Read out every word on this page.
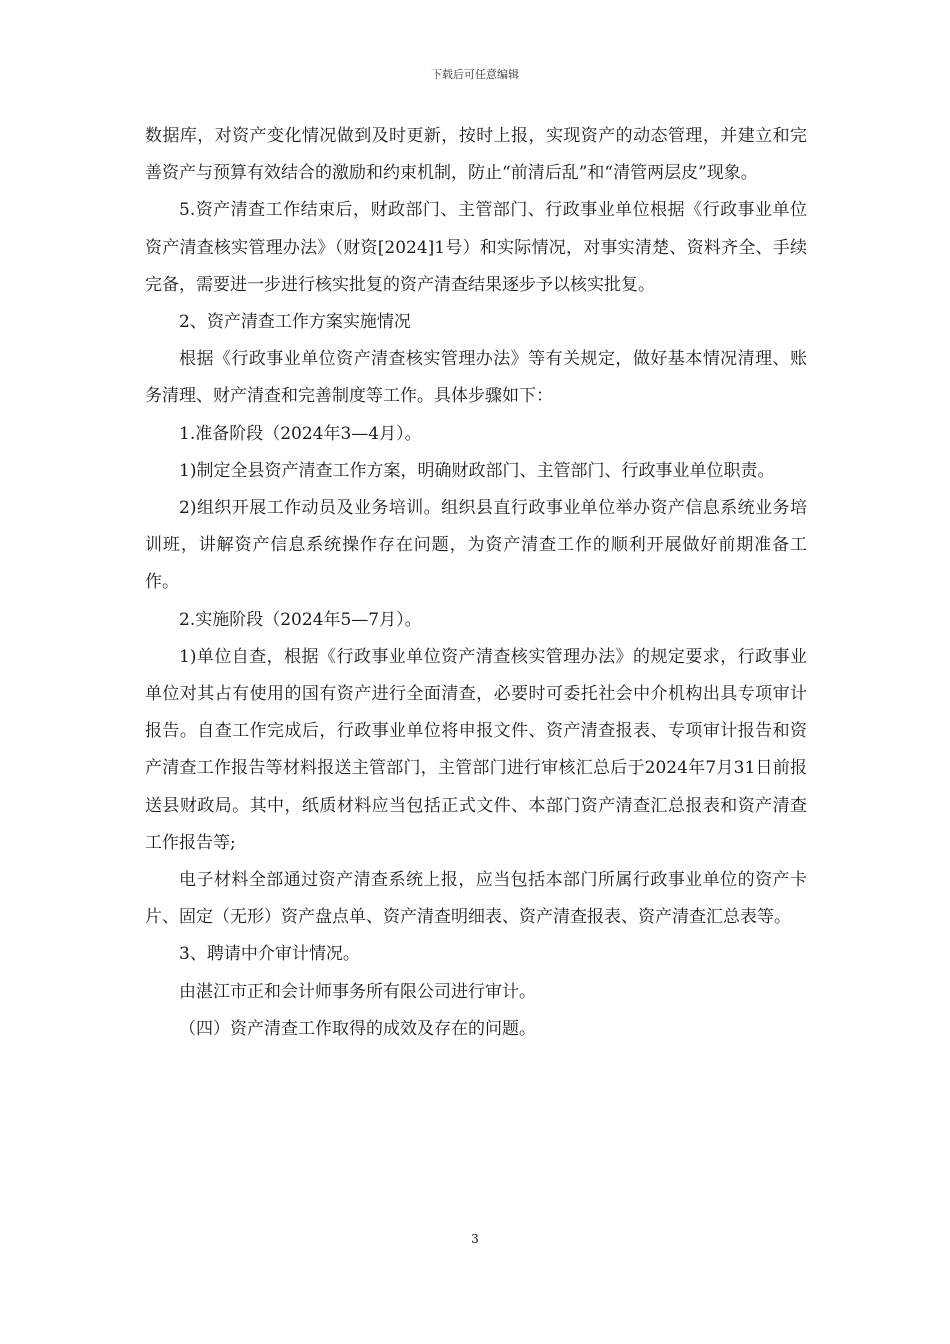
下载后可任意编辑

数据库，对资产变化情况做到及时更新，按时上报，实现资产的动态管理，并建立和完善资产与预算有效结合的激励和约束机制，防止“前清后乱”和“清管两层皮”现象。

5.资产清查工作结束后，财政部门、主管部门、行政事业单位根据《行政事业单位资产清查核实管理办法》（财资[2024]1号）和实际情况，对事实清楚、资料齐全、手续完备，需要进一步进行核实批复的资产清查结果逐步予以核实批复。

2、资产清查工作方案实施情况

根据《行政事业单位资产清查核实管理办法》等有关规定，做好基本情况清理、账务清理、财产清查和完善制度等工作。具体步骤如下：

1.准备阶段（2024年3—4月）。

1)制定全县资产清查工作方案，明确财政部门、主管部门、行政事业单位职责。

2)组织开展工作动员及业务培训。组织县直行政事业单位举办资产信息系统业务培训班，讲解资产信息系统操作存在问题，为资产清查工作的顺利开展做好前期准备工作。

2.实施阶段（2024年5—7月）。

1)单位自查，根据《行政事业单位资产清查核实管理办法》的规定要求，行政事业单位对其占有使用的国有资产进行全面清查，必要时可委托社会中介机构出具专项审计报告。自查工作完成后，行政事业单位将申报文件、资产清查报表、专项审计报告和资产清查工作报告等材料报送主管部门，主管部门进行审核汇总后于2024年7月31日前报送县财政局。其中，纸质材料应当包括正式文件、本部门资产清查汇总报表和资产清查工作报告等;

电子材料全部通过资产清查系统上报，应当包括本部门所属行政事业单位的资产卡片、固定（无形）资产盘点单、资产清查明细表、资产清查报表、资产清查汇总表等。

3、聘请中介审计情况。

由湛江市正和会计师事务所有限公司进行审计。

（四）资产清查工作取得的成效及存在的问题。

3
